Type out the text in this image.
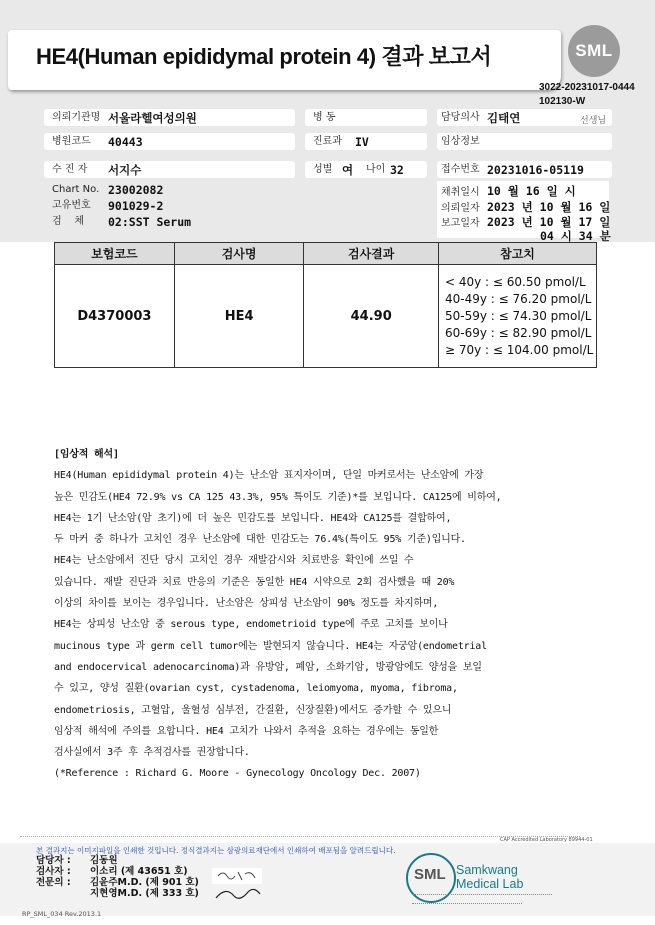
HE4(Human epididymal protein 4) 결과 보고서	SML
3022-20231017-0444
102130-W
의뢰기관명 서울라헬여성의원	병 동	담당의사 김태연	선생님
병원코드 40443	진료과 IV	임상정보
수 진 자 서지수	성별 여 나이 32	접수번호 20231016-05119
Chart No. 23002082
고유번호 901029-2
검    체 02:SST Serum
채취일시 10 월 16 일 시
의뢰일자 2023 년 10 월 16 일
보고일자 2023 년 10 월 17 일
04 시 34 분
보험코드	검사명	검사결과	참고치
D4370003	HE4	44.90	< 40y : ≤ 60.50 pmol/L
40-49y : ≤ 76.20 pmol/L
50-59y : ≤ 74.30 pmol/L
60-69y : ≤ 82.90 pmol/L
≥ 70y : ≤ 104.00 pmol/L
[임상적 해석]
HE4(Human epididymal protein 4)는 난소암 표지자이며, 단일 마커로서는 난소암에 가장
높은 민감도(HE4 72.9% vs CA 125 43.3%, 95% 특이도 기준)*를 보입니다. CA125에 비하여,
HE4는 1기 난소암(암 초기)에 더 높은 민감도를 보입니다. HE4와 CA125를 결합하여,
두 마커 중 하나가 고치인 경우 난소암에 대한 민감도는 76.4%(특이도 95% 기준)입니다.
HE4는 난소암에서 진단 당시 고치인 경우 재발감시와 치료반응 확인에 쓰일 수
있습니다. 재발 진단과 치료 반응의 기준은 동일한 HE4 시약으로 2회 검사했을 때 20%
이상의 차이를 보이는 경우입니다. 난소암은 상피성 난소암이 90% 정도를 차지하며,
HE4는 상피성 난소암 중 serous type, endometrioid type에 주로 고치를 보이나
mucinous type 과 germ cell tumor에는 발현되지 않습니다. HE4는 자궁암(endometrial
and endocervical adenocarcinoma)과 유방암, 폐암, 소화기암, 방광암에도 양성을 보일
수 있고, 양성 질환(ovarian cyst, cystadenoma, leiomyoma, myoma, fibroma,
endometriosis, 고혈압, 울혈성 심부전, 간질환, 신장질환)에서도 증가할 수 있으니
임상적 해석에 주의를 요합니다. HE4 고치가 나와서 추적을 요하는 경우에는 동일한
검사실에서 3주 후 추적검사를 권장합니다.
(*Reference : Richard G. Moore - Gynecology Oncology Dec. 2007)
CAP Accredited Laboratory 89944-01
본 결과지는 이미지파일을 인쇄한 것입니다. 정식결과지는 삼광의료재단에서 인쇄하여 배포됨을 알려드립니다.
담당자 : 김동원
검사자 : 이소리 (제 43651 호)
전문의 : 김윤주M.D. (제 901 호)
지현영M.D. (제 333 호)
SML Samkwang
Medical Lab
RP_SML_034 Rev.2013.1
